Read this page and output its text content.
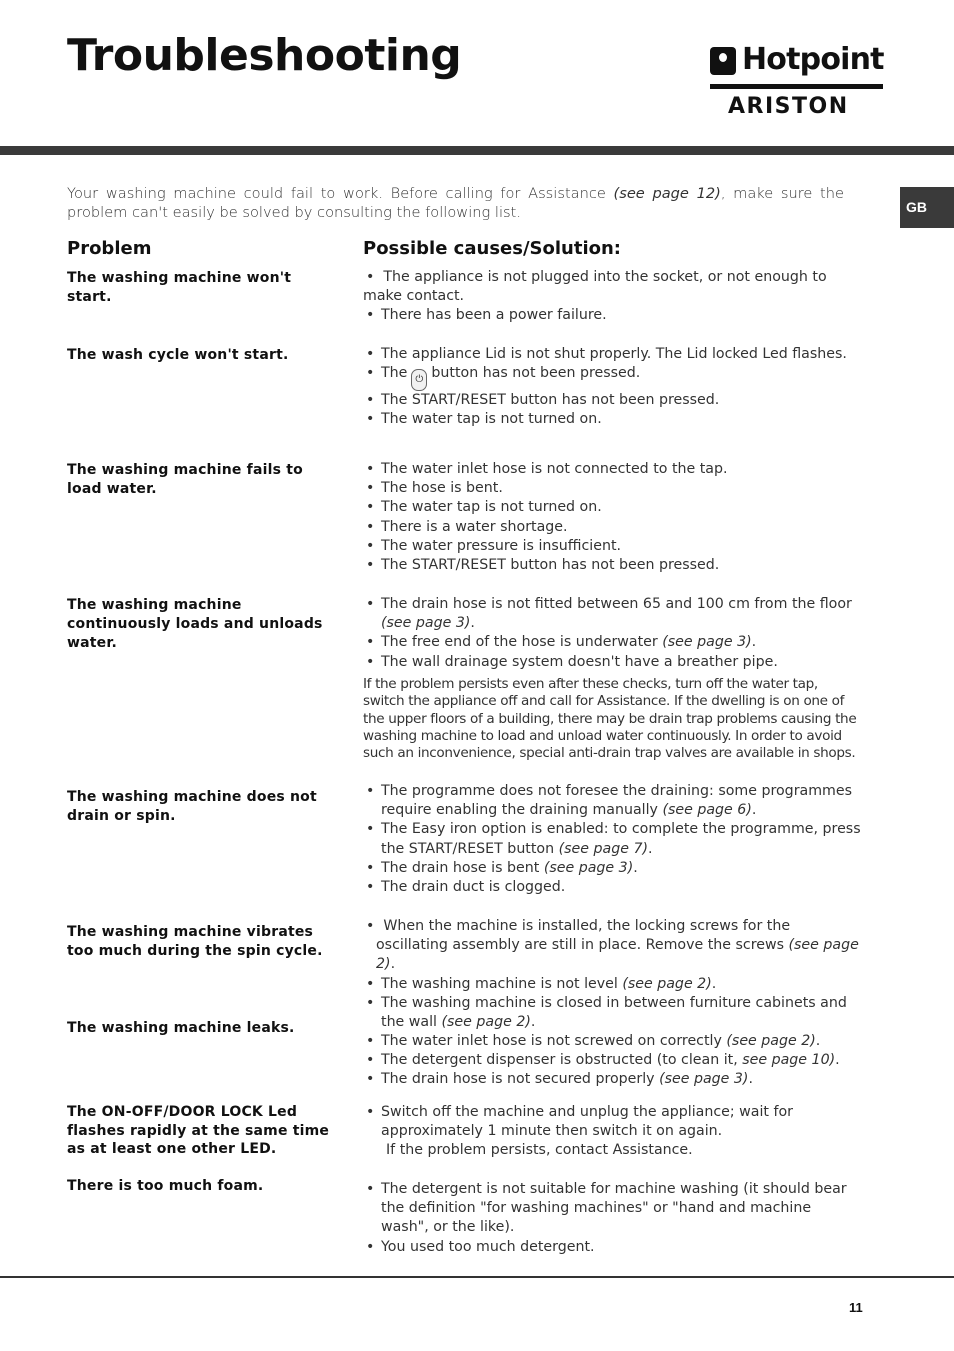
Troubleshooting	Hotpoint
ARISTON
GB

Your washing machine could fail to work. Before calling for Assistance (see page 12), make sure the problem can't easily be solved by consulting the following list.

Problem	Possible causes/Solution:

The washing machine won't start.

• The appliance is not plugged into the socket, or not enough to make contact.
• There has been a power failure.

The wash cycle won't start.	• The appliance Lid is not shut properly. The Lid locked Led flashes.
• The ⏻ button has not been pressed.
• The START/RESET button has not been pressed.
• The water tap is not turned on.

The washing machine fails to load water.

• The water inlet hose is not connected to the tap.
• The hose is bent.
• The water tap is not turned on.
• There is a water shortage.
• The water pressure is insufficient.
• The START/RESET button has not been pressed.

The washing machine continuously loads and unloads water.

• The drain hose is not fitted between 65 and 100 cm from the floor (see page 3).
• The free end of the hose is underwater (see page 3).
• The wall drainage system doesn't have a breather pipe.

If the problem persists even after these checks, turn off the water tap, switch the appliance off and call for Assistance. If the dwelling is on one of the upper floors of a building, there may be drain trap problems causing the washing machine to load and unload water continuously. In order to avoid such an inconvenience, special anti-drain trap valves are available in shops.

The washing machine does not drain or spin.

• The programme does not foresee the draining: some programmes require enabling the draining manually (see page 6).
• The Easy iron option is enabled: to complete the programme, press the START/RESET button (see page 7).
• The drain hose is bent (see page 3).
• The drain duct is clogged.

The washing machine vibrates too much during the spin cycle.

• When the machine is installed, the locking screws for the oscillating assembly are still in place. Remove the screws (see page 2).
• The washing machine is not level (see page 2).
• The washing machine is closed in between furniture cabinets and the wall (see page 2).

The washing machine leaks.

• The water inlet hose is not screwed on correctly (see page 2).
• The detergent dispenser is obstructed (to clean it, see page 10).
• The drain hose is not secured properly (see page 3).

The ON-OFF/DOOR LOCK Led flashes rapidly at the same time as at least one other LED.

• Switch off the machine and unplug the appliance; wait for approximately 1 minute then switch it on again.
If the problem persists, contact Assistance.

There is too much foam.	• The detergent is not suitable for machine washing (it should bear the definition "for washing machines" or "hand and machine wash", or the like).
• You used too much detergent.
11
